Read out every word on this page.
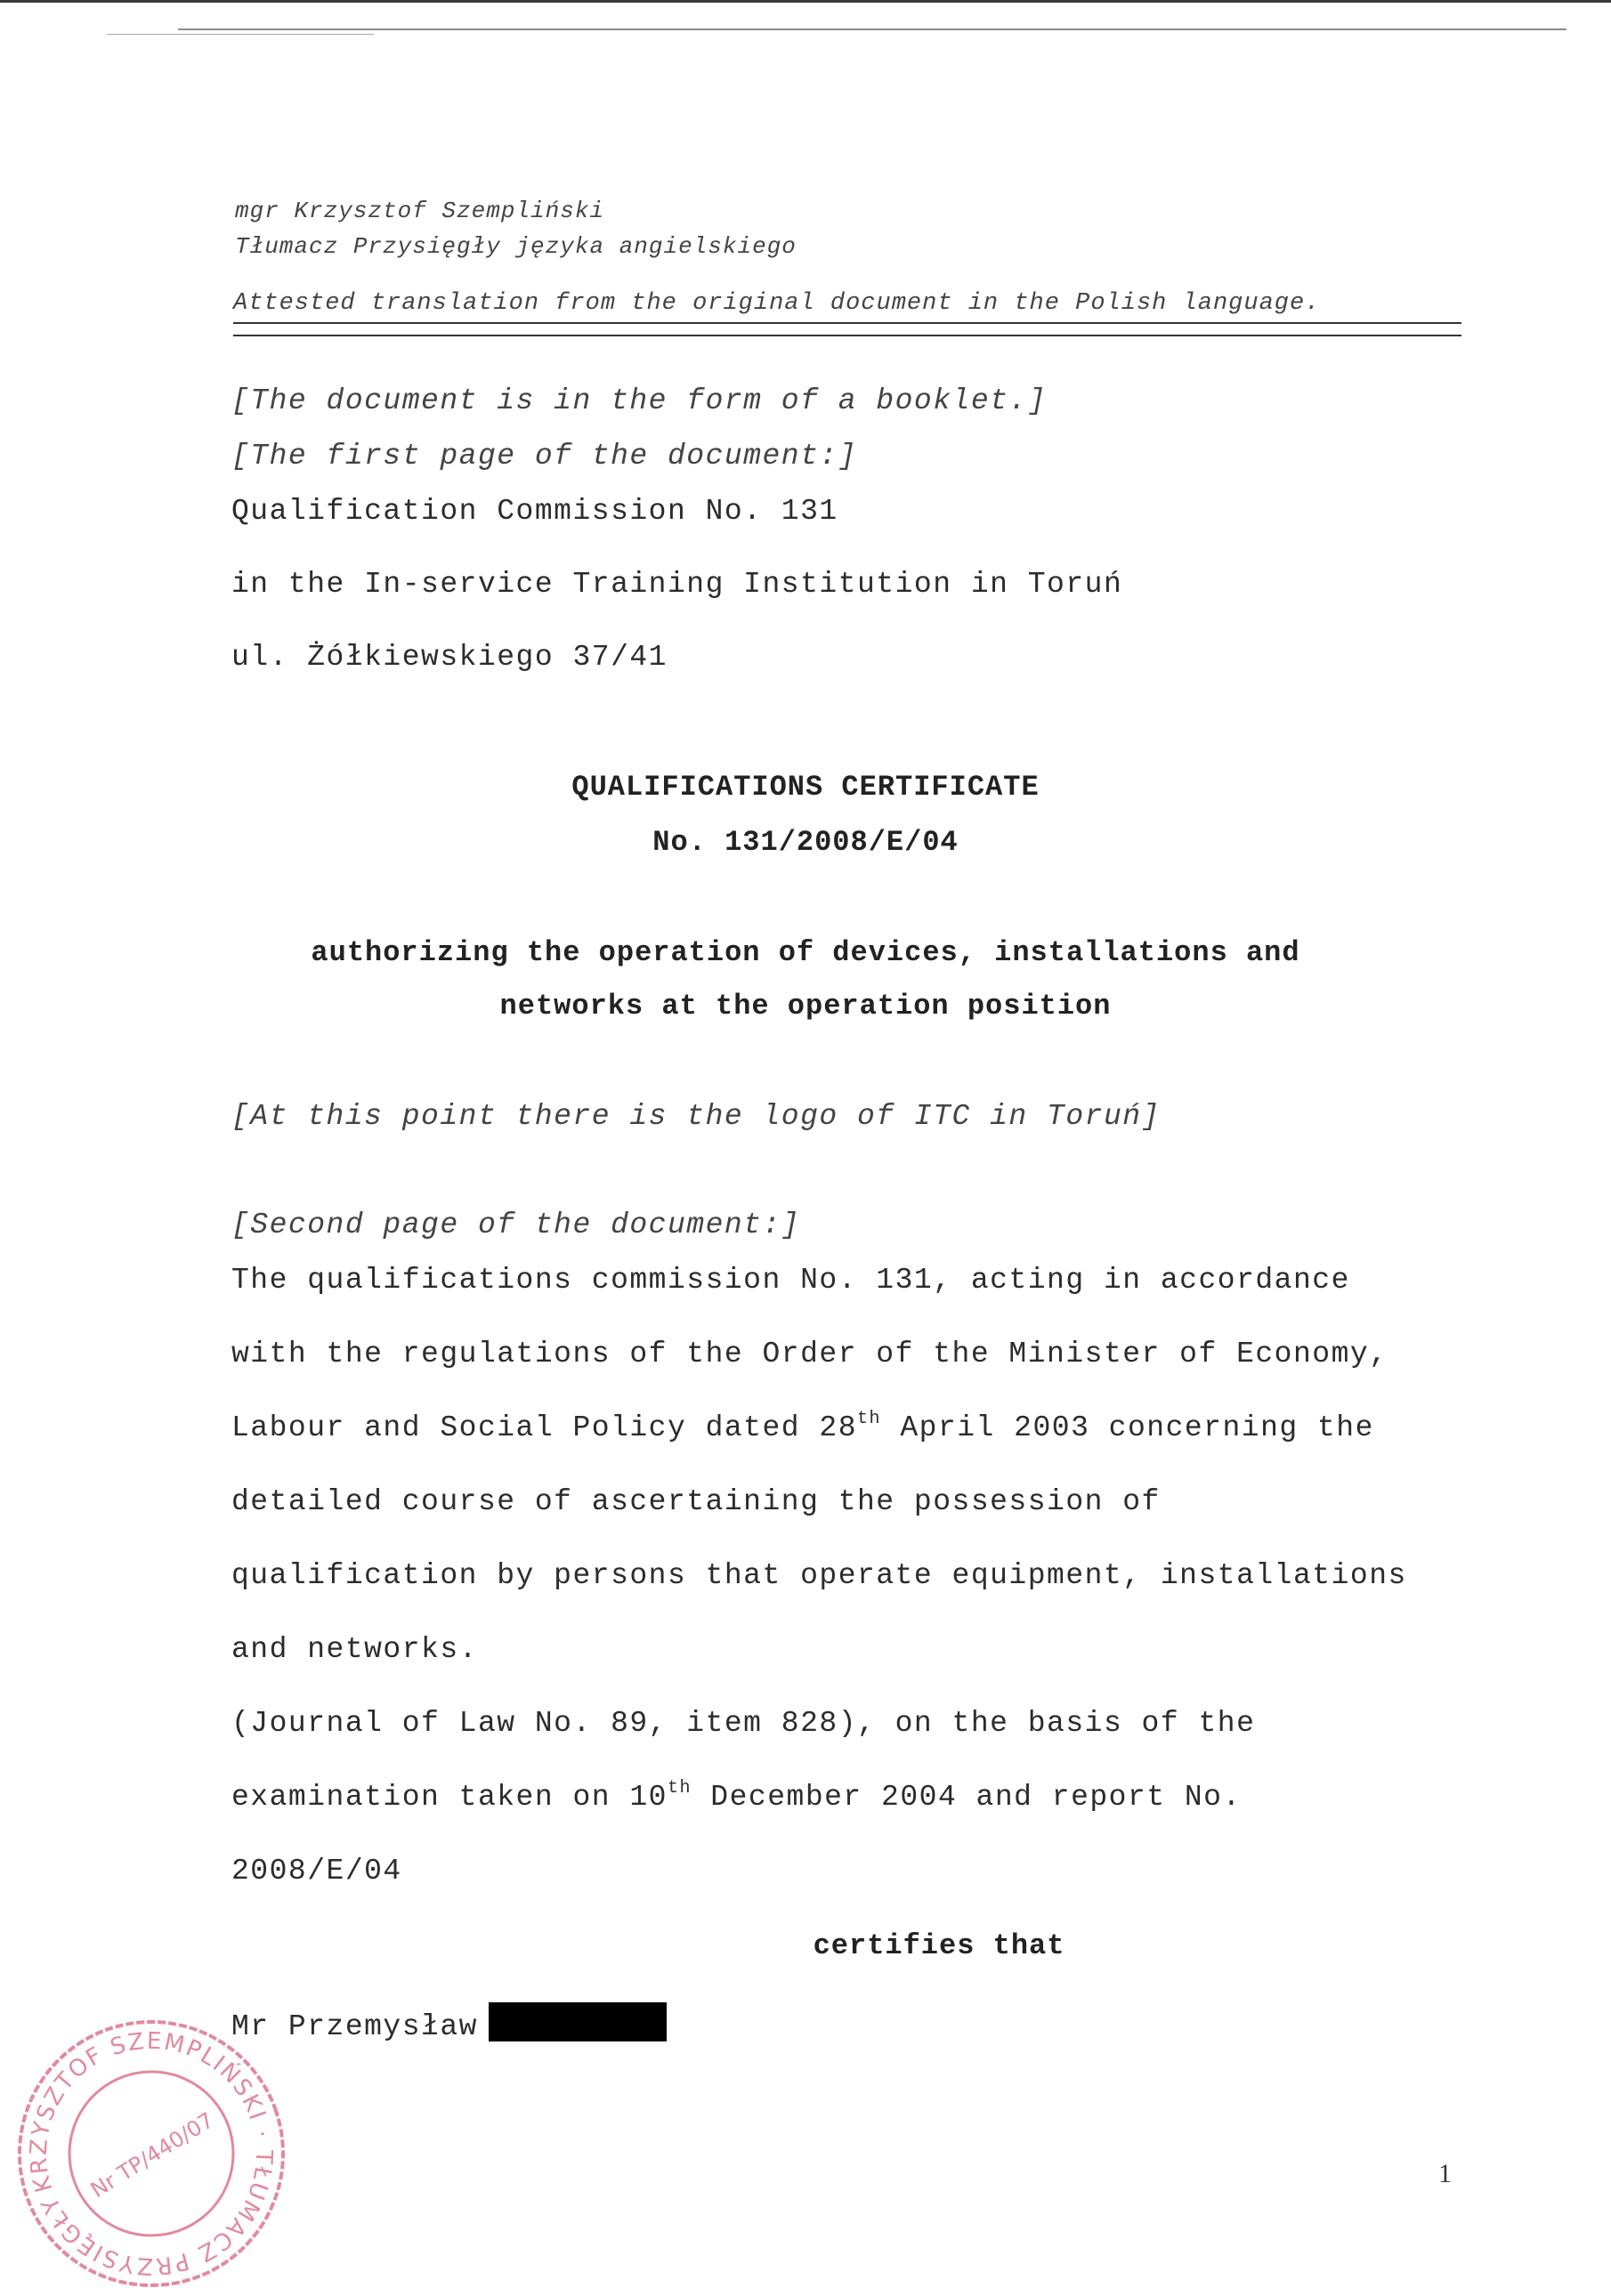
mgr Krzysztof Szempliński
Tłumacz Przysięgły języka angielskiego
Attested translation from the original document in the Polish language.
[The document is in the form of a booklet.]
[The first page of the document:]
Qualification Commission No. 131
in the In-service Training Institution in Toruń
ul. Żółkiewskiego 37/41
QUALIFICATIONS CERTIFICATE
No. 131/2008/E/04
authorizing the operation of devices, installations and
networks at the operation position
[At this point there is the logo of ITC in Toruń]
[Second page of the document:]
The qualifications commission No. 131, acting in accordance
with the regulations of the Order of the Minister of Economy,
Labour and Social Policy dated 28th April 2003 concerning the
detailed course of ascertaining the possession of
qualification by persons that operate equipment, installations
and networks.
(Journal of Law No. 89, item 828), on the basis of the
examination taken on 10th December 2004 and report No.
2008/E/04
certifies that
Mr Przemysław
1
KRZYSZTOF SZEMPLIŃSKI · TŁUMACZ PRZYSIĘGŁY
Nr TP/440/07
